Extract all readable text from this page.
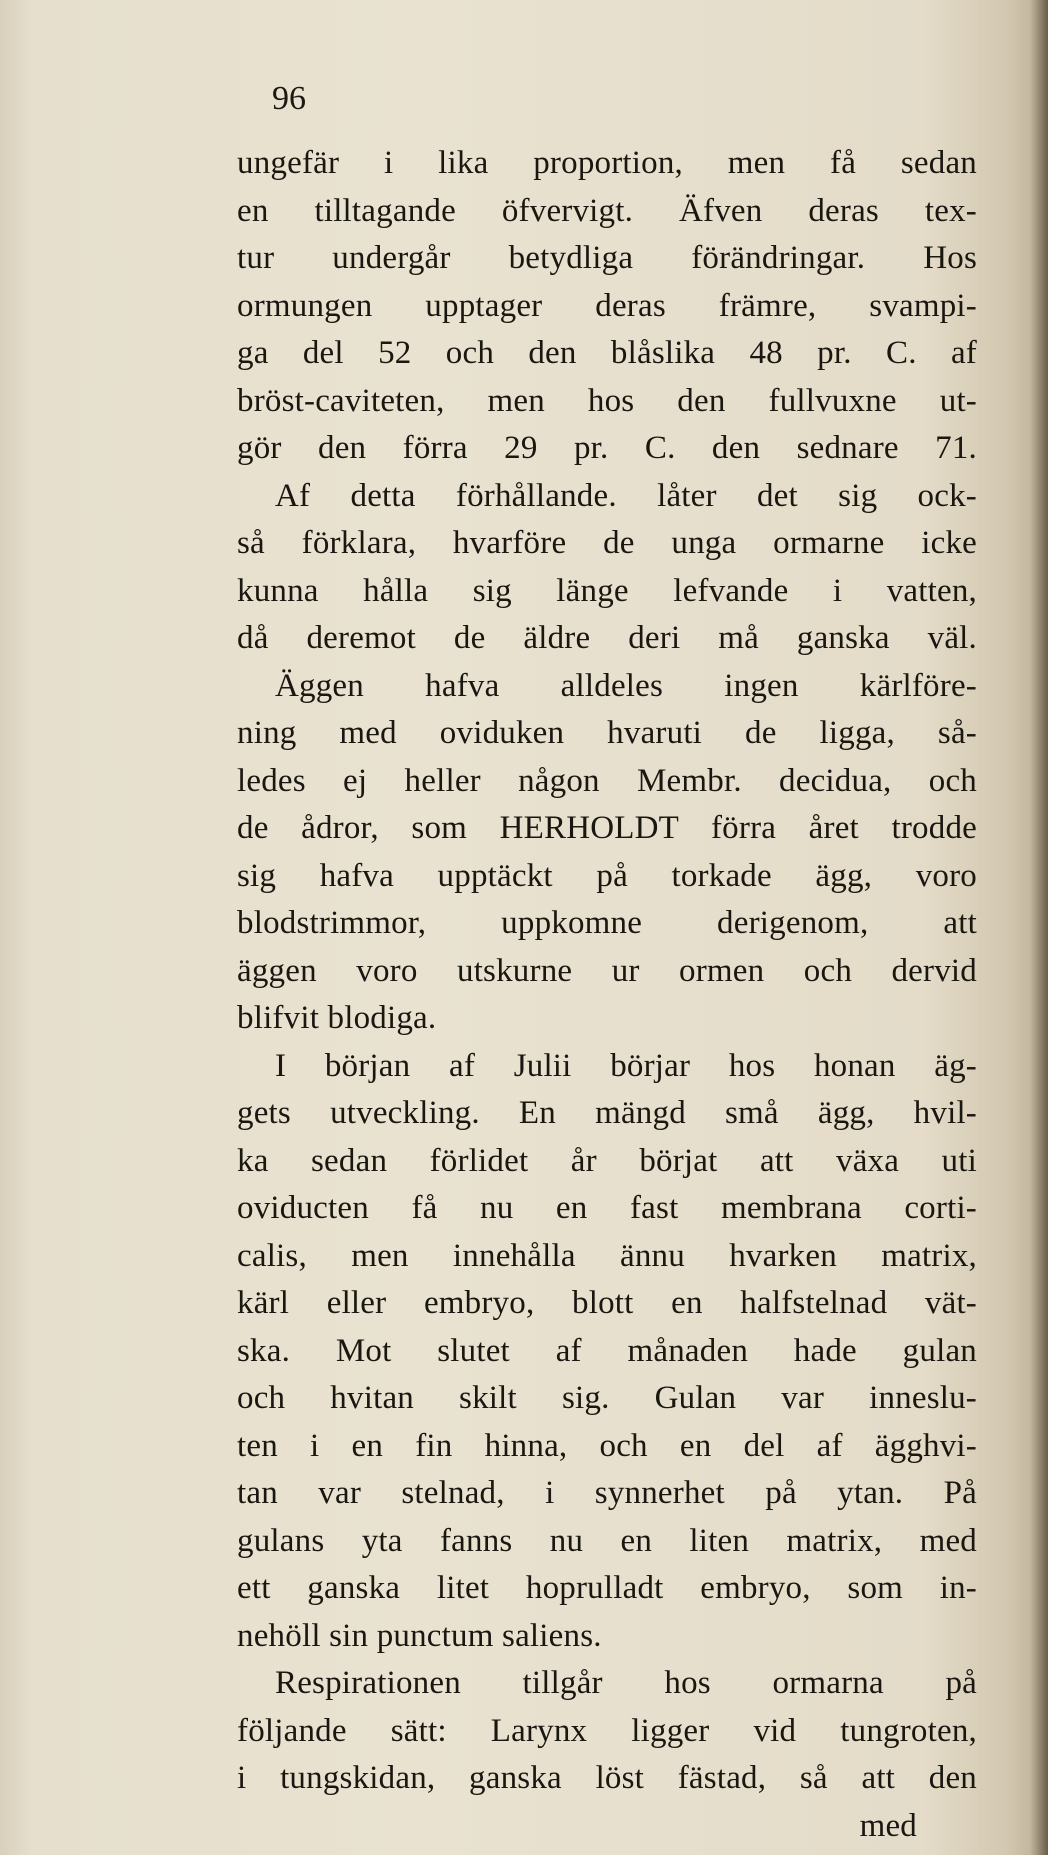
96
ungefär i lika proportion, men få sedan
en tilltagande öfvervigt. Äfven deras tex-
tur undergår betydliga förändringar. Hos
ormungen upptager deras främre, svampi-
ga del 52 och den blåslika 48 pr. C. af
bröst-caviteten, men hos den fullvuxne ut-
gör den förra 29 pr. C. den sednare 71.
Af detta förhållande. låter det sig ock-
så förklara, hvarföre de unga ormarne icke
kunna hålla sig länge lefvande i vatten,
då deremot de äldre deri må ganska väl.
Äggen hafva alldeles ingen kärlföre-
ning med oviduken hvaruti de ligga, så-
ledes ej heller någon Membr. decidua, och
de ådror, som HERHOLDT förra året trodde
sig hafva upptäckt på torkade ägg, voro
blodstrimmor, uppkomne derigenom, att
äggen voro utskurne ur ormen och dervid
blifvit blodiga.
I början af Julii börjar hos honan äg-
gets utveckling. En mängd små ägg, hvil-
ka sedan förlidet år börjat att växa uti
oviducten få nu en fast membrana corti-
calis, men innehålla ännu hvarken matrix,
kärl eller embryo, blott en halfstelnad vät-
ska. Mot slutet af månaden hade gulan
och hvitan skilt sig. Gulan var inneslu-
ten i en fin hinna, och en del af ägghvi-
tan var stelnad, i synnerhet på ytan. På
gulans yta fanns nu en liten matrix, med
ett ganska litet hoprulladt embryo, som in-
nehöll sin punctum saliens.
Respirationen tillgår hos ormarna på
följande sätt: Larynx ligger vid tungroten,
i tungskidan, ganska löst fästad, så att den
med
